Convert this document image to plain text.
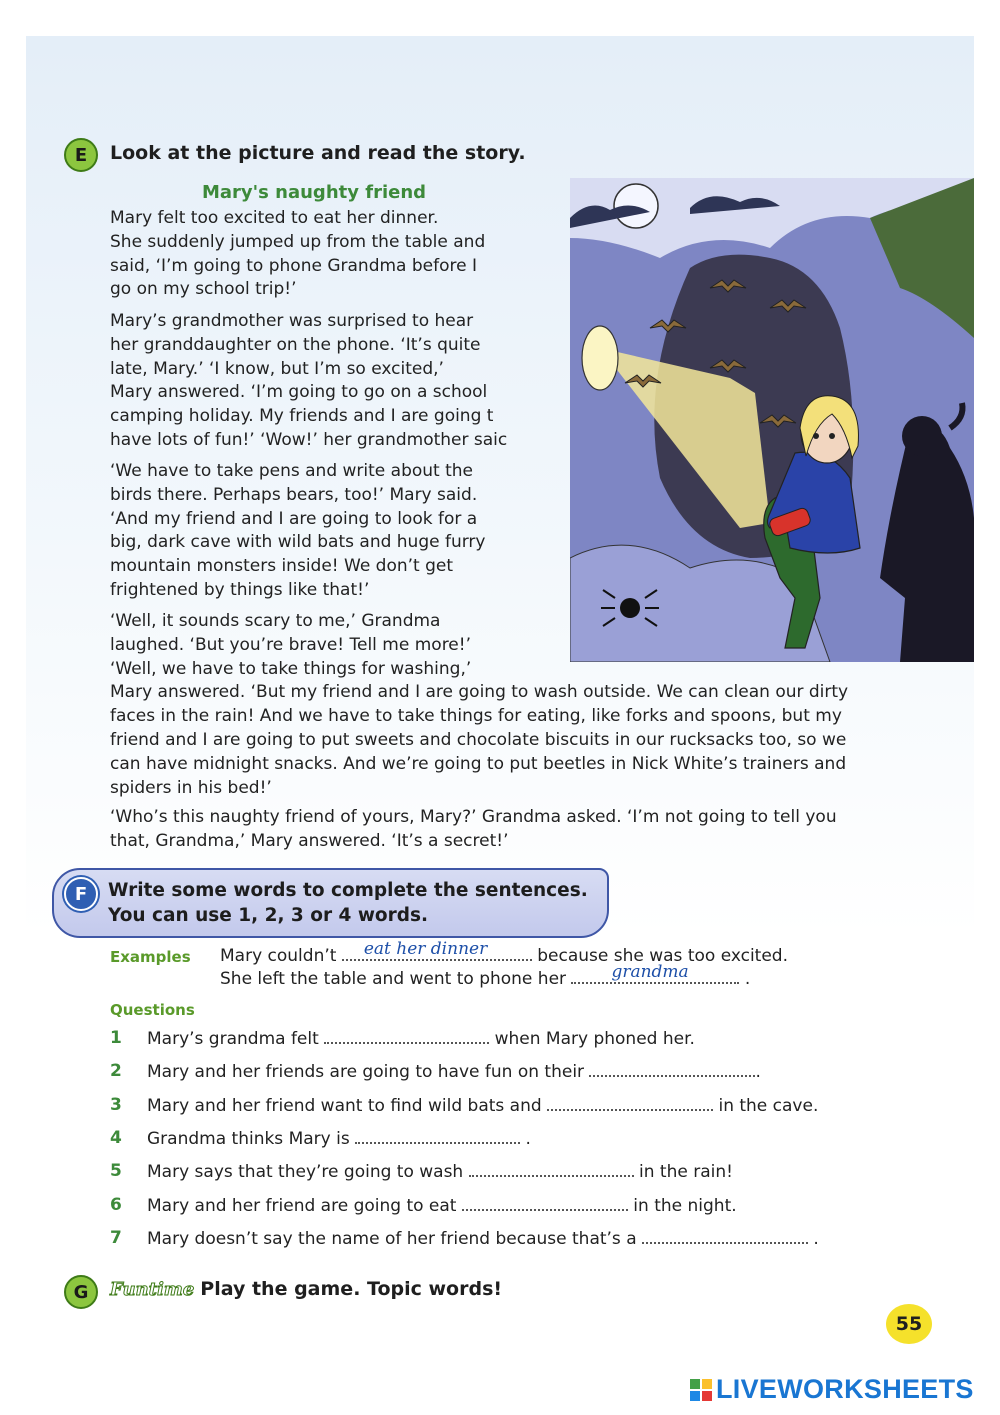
E Look at the picture and read the story.
Mary's naughty friend

Mary felt too excited to eat her dinner.

She suddenly jumped up from the table and

said, ‘I’m going to phone Grandma before I

go on my school trip!’

Mary’s grandmother was surprised to hear

her granddaughter on the phone. ‘It’s quite

late, Mary.’ ‘I know, but I’m so excited,’

Mary answered. ‘I’m going to go on a school

camping holiday. My friends and I are going t

have lots of fun!’ ‘Wow!’ her grandmother saic

‘We have to take pens and write about the

birds there. Perhaps bears, too!’ Mary said.

‘And my friend and I are going to look for a

big, dark cave with wild bats and huge furry

mountain monsters inside! We don’t get

frightened by things like that!’

‘Well, it sounds scary to me,’ Grandma

laughed. ‘But you’re brave! Tell me more!’

‘Well, we have to take things for washing,’

Mary answered. ‘But my friend and I are going to wash outside. We can clean our dirty

faces in the rain! And we have to take things for eating, like forks and spoons, but my

friend and I are going to put sweets and chocolate biscuits in our rucksacks too, so we

can have midnight snacks. And we’re going to put beetles in Nick White’s trainers and

spiders in his bed!’

‘Who’s this naughty friend of yours, Mary?’ Grandma asked. ‘I’m not going to tell you

that, Grandma,’ Mary answered. ‘It’s a secret!’

F Write some words to complete the sentences.
You can use 1, 2, 3 or 4 words.
Examples Mary couldn’t eat her dinner	because she was too excited.
She left the table and went to phone her	grandma	.
Questions
1 Mary’s grandma felt	when Mary phoned her.
2 Mary and her friends are going to have fun on their	.
3 Mary and her friend want to find wild bats and	in the cave.
4 Grandma thinks Mary is	.
5 Mary says that they’re going to wash	in the rain!
6 Mary and her friend are going to eat	in the night.
7 Mary doesn’t say the name of her friend because that’s a	.
G Funtime Play the game. Topic words!
55
LIVEWORKSHEETS
